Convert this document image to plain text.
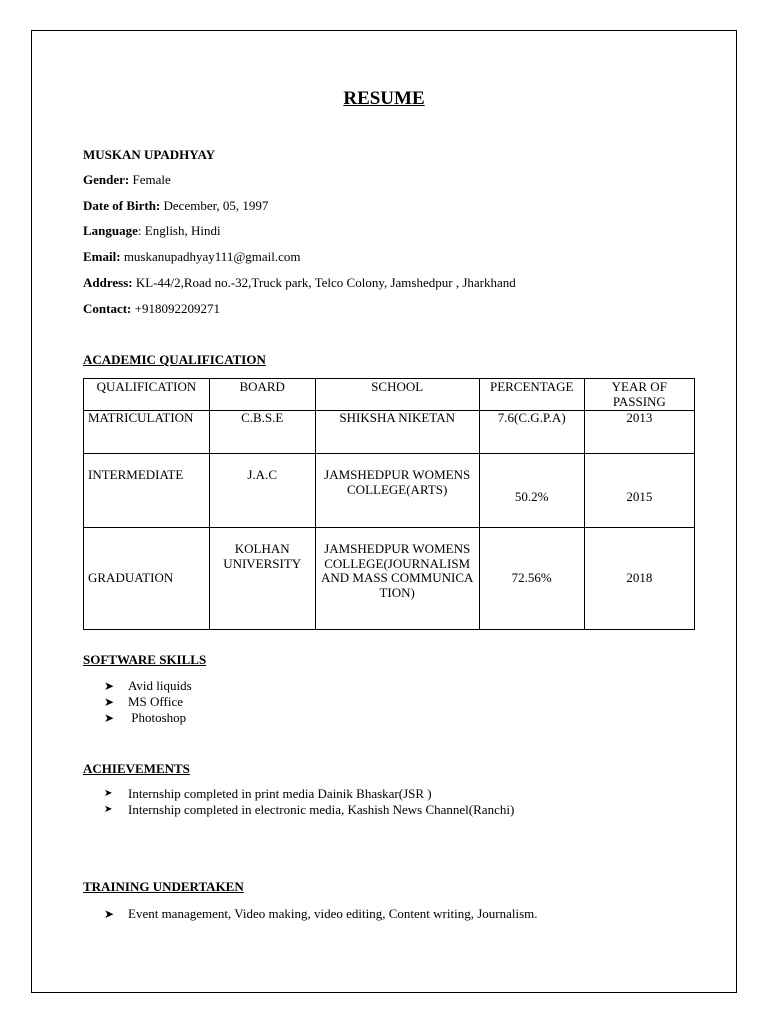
RESUME
MUSKAN UPADHYAY
Gender: Female
Date of Birth: December, 05, 1997
Language: English, Hindi
Email: muskanupadhyay111@gmail.com
Address: KL-44/2,Road no.-32,Truck park, Telco Colony, Jamshedpur , Jharkhand
Contact: +918092209271
ACADEMIC QUALIFICATION
QUALIFICATION	BOARD	SCHOOL	PERCENTAGE	YEAR OF PASSING
MATRICULATION	C.B.S.E	SHIKSHA NIKETAN	7.6(C.G.P.A)	2013
INTERMEDIATE	J.A.C	JAMSHEDPUR WOMENS COLLEGE(ARTS)	50.2%	2015
GRADUATION	KOLHAN UNIVERSITY	JAMSHEDPUR WOMENS COLLEGE(JOURNALISM AND MASS COMMUNICATION)	72.56%	2018
SOFTWARE SKILLS
➤ Avid liquids
➤ MS Office
➤ Photoshop
ACHIEVEMENTS
➤ Internship completed in print media Dainik Bhaskar(JSR )
➤ Internship completed in electronic media, Kashish News Channel(Ranchi)
TRAINING UNDERTAKEN
➤ Event management, Video making, video editing, Content writing, Journalism.
